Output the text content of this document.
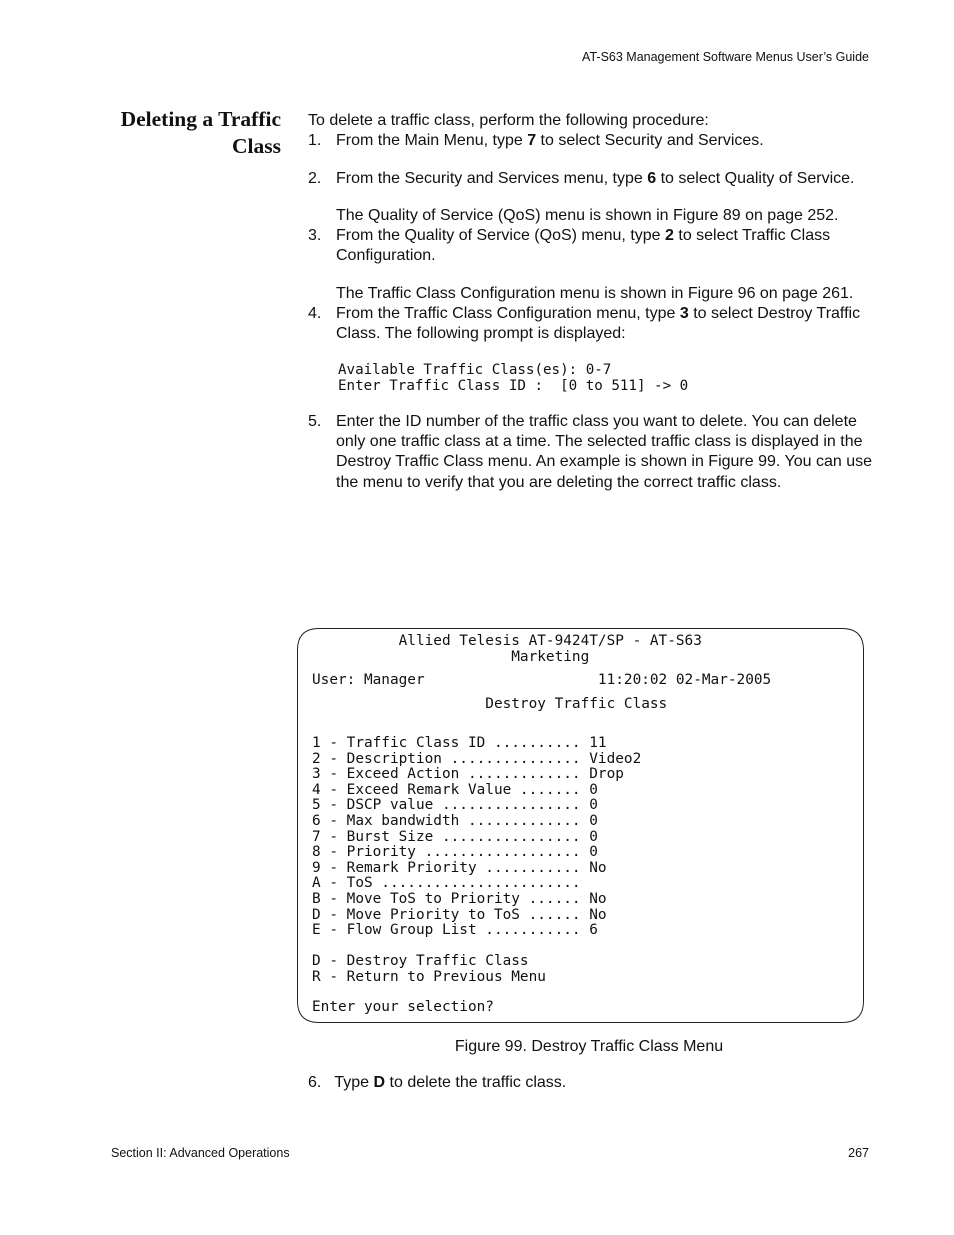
AT-S63 Management Software Menus User’s Guide
Deleting a Traffic
Class

To delete a traffic class, perform the following procedure:

1. From the Main Menu, type 7 to select Security and Services.
2. From the Security and Services menu, type 6 to select Quality of Service.

The Quality of Service (QoS) menu is shown in Figure 89 on page 252.

3. From the Quality of Service (QoS) menu, type 2 to select Traffic Class Configuration.

The Traffic Class Configuration menu is shown in Figure 96 on page 261.

4. From the Traffic Class Configuration menu, type 3 to select Destroy Traffic Class. The following prompt is displayed:
Available Traffic Class(es): 0-7
Enter Traffic Class ID :  [0 to 511] -> 0
5. Enter the ID number of the traffic class you want to delete. You can delete only one traffic class at a time. The selected traffic class is displayed in the Destroy Traffic Class menu. An example is shown in Figure 99. You can use the menu to verify that you are deleting the correct traffic class.

Allied Telesis AT-9424T/SP - AT-S63

Marketing

User: Manager                    11:20:02 02-Mar-2005

Destroy Traffic Class

1 - Traffic Class ID .......... 11

2 - Description ............... Video2

3 - Exceed Action ............. Drop

4 - Exceed Remark Value ....... 0

5 - DSCP value ................ 0

6 - Max bandwidth ............. 0

7 - Burst Size ................ 0

8 - Priority .................. 0

9 - Remark Priority ........... No

A - ToS .......................

B - Move ToS to Priority ...... No

D - Move Priority to ToS ...... No

E - Flow Group List ........... 6

D - Destroy Traffic Class

R - Return to Previous Menu

Enter your selection?

Figure 99. Destroy Traffic Class Menu
6. Type D to delete the traffic class.
Section II: Advanced Operations	267
